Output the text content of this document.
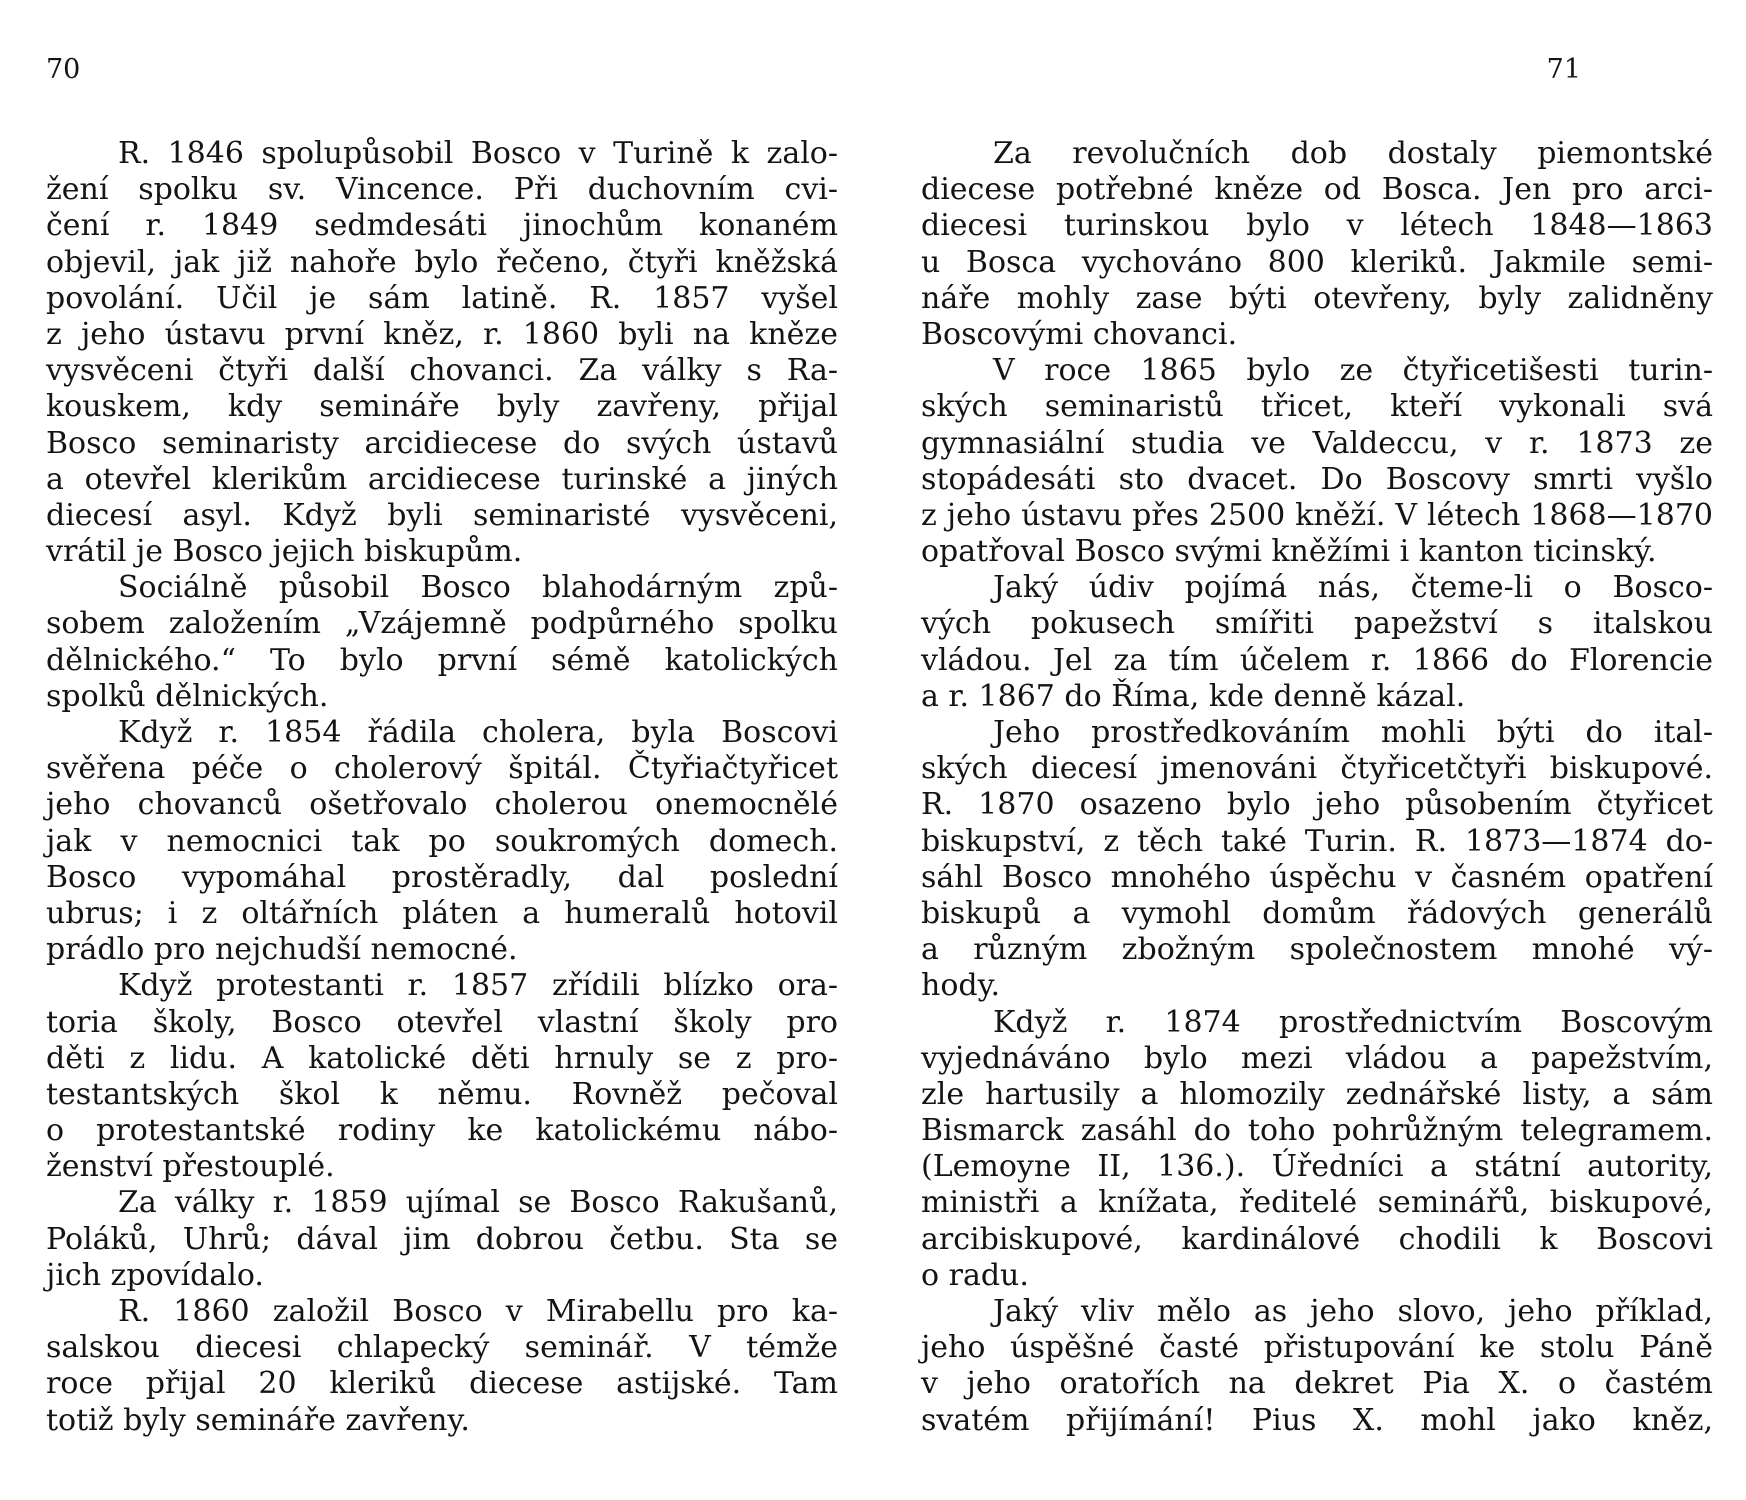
70
R. 1846 spolupůsobil Bosco v Turině k zalo-
žení spolku sv. Vincence. Při duchovním cvi-
čení r. 1849 sedmdesáti jinochům konaném
objevil, jak již nahoře bylo řečeno, čtyři kněžská
povolání. Učil je sám latině. R. 1857 vyšel
z jeho ústavu první kněz, r. 1860 byli na kněze
vysvěceni čtyři další chovanci. Za války s Ra-
kouskem, kdy semináře byly zavřeny, přijal
Bosco seminaristy arcidiecese do svých ústavů
a otevřel klerikům arcidiecese turinské a jiných
diecesí asyl. Když byli seminaristé vysvěceni,
vrátil je Bosco jejich biskupům.
Sociálně působil Bosco blahodárným způ-
sobem založením „Vzájemně podpůrného spolku
dělnického.“ To bylo první sémě katolických
spolků dělnických.
Když r. 1854 řádila cholera, byla Boscovi
svěřena péče o cholerový špitál. Čtyřiačtyřicet
jeho chovanců ošetřovalo cholerou onemocnělé
jak v nemocnici tak po soukromých domech.
Bosco vypomáhal prostěradly, dal poslední
ubrus; i z oltářních pláten a humeralů hotovil
prádlo pro nejchudší nemocné.
Když protestanti r. 1857 zřídili blízko ora-
toria školy, Bosco otevřel vlastní školy pro
děti z lidu. A katolické děti hrnuly se z pro-
testantských škol k němu. Rovněž pečoval
o protestantské rodiny ke katolickému nábo-
ženství přestouplé.
Za války r. 1859 ujímal se Bosco Rakušanů,
Poláků, Uhrů; dával jim dobrou četbu. Sta se
jich zpovídalo.
R. 1860 založil Bosco v Mirabellu pro ka-
salskou diecesi chlapecký seminář. V témže
roce přijal 20 kleriků diecese astijské. Tam
totiž byly semináře zavřeny.
71
Za revolučních dob dostaly piemontské
diecese potřebné kněze od Bosca. Jen pro arci-
diecesi turinskou bylo v létech 1848—1863
u Bosca vychováno 800 kleriků. Jakmile semi-
náře mohly zase býti otevřeny, byly zalidněny
Boscovými chovanci.
V roce 1865 bylo ze čtyřicetišesti turin-
ských seminaristů třicet, kteří vykonali svá
gymnasiální studia ve Valdeccu, v r. 1873 ze
stopádesáti sto dvacet. Do Boscovy smrti vyšlo
z jeho ústavu přes 2500 kněží. V létech 1868—1870
opatřoval Bosco svými kněžími i kanton ticinský.
Jaký údiv pojímá nás, čteme-li o Bosco-
vých pokusech smířiti papežství s italskou
vládou. Jel za tím účelem r. 1866 do Florencie
a r. 1867 do Říma, kde denně kázal.
Jeho prostředkováním mohli býti do ital-
ských diecesí jmenováni čtyřicetčtyři biskupové.
R. 1870 osazeno bylo jeho působením čtyřicet
biskupství, z těch také Turin. R. 1873—1874 do-
sáhl Bosco mnohého úspěchu v časném opatření
biskupů a vymohl domům řádových generálů
a různým zbožným společnostem mnohé vý-
hody.
Když r. 1874 prostřednictvím Boscovým
vyjednáváno bylo mezi vládou a papežstvím,
zle hartusily a hlomozily zednářské listy, a sám
Bismarck zasáhl do toho pohrůžným telegramem.
(Lemoyne II, 136.). Úředníci a státní autority,
ministři a knížata, ředitelé seminářů, biskupové,
arcibiskupové, kardinálové chodili k Boscovi
o radu.
Jaký vliv mělo as jeho slovo, jeho příklad,
jeho úspěšné časté přistupování ke stolu Páně
v jeho oratořích na dekret Pia X. o častém
svatém přijímání! Pius X. mohl jako kněz,
